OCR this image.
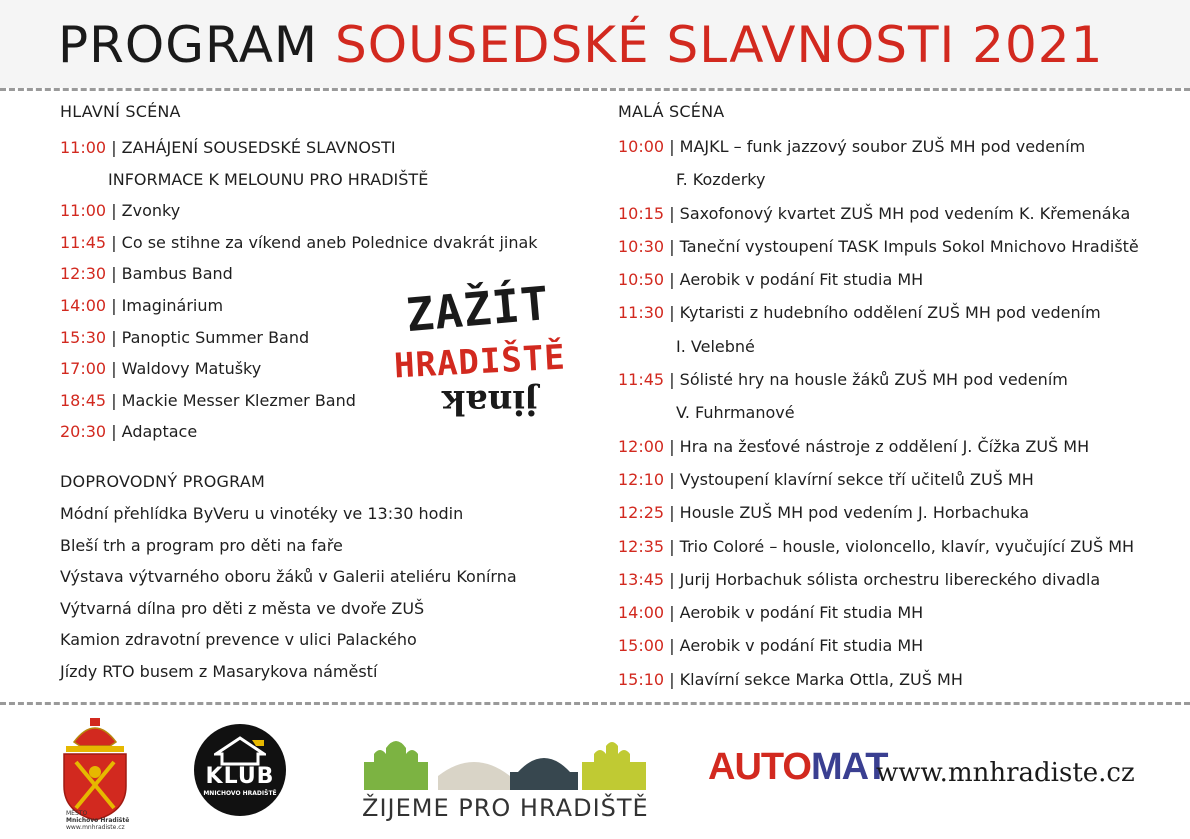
PROGRAM SOUSEDSKÉ SLAVNOSTI 2021
HLAVNÍ SCÉNA
11:00 | ZAHÁJENÍ SOUSEDSKÉ SLAVNOSTI
INFORMACE K MELOUNU PRO HRADIŠTĚ
11:00 | Zvonky
11:45 | Co se stihne za víkend aneb Polednice dvakrát jinak
12:30 | Bambus Band
14:00 | Imaginárium
15:30 | Panoptic Summer Band
17:00 | Waldovy Matušky
18:45 | Mackie Messer Klezmer Band
20:30 | Adaptace
DOPROVODNÝ PROGRAM
Módní přehlídka ByVeru u vinotéky ve 13:30 hodin
Bleší trh a program pro děti na faře
Výstava výtvarného oboru žáků v Galerii ateliéru Konírna
Výtvarná dílna pro děti z města ve dvoře ZUŠ
Kamion zdravotní prevence v ulici Palackého
Jízdy RTO busem z Masarykova náměstí
MALÁ SCÉNA
10:00 | MAJKL – funk jazzový soubor ZUŠ MH pod vedením
F. Kozderky
10:15 | Saxofonový kvartet ZUŠ MH pod vedením K. Křemenáka
10:30 | Taneční vystoupení TASK Impuls Sokol Mnichovo Hradiště
10:50 | Aerobik v podání Fit studia MH
11:30 | Kytaristi z hudebního oddělení ZUŠ MH pod vedením
I. Velebné
11:45 | Sólisté hry na housle žáků ZUŠ MH pod vedením
V. Fuhrmanové
12:00 | Hra na žesťové nástroje z oddělení J. Čížka ZUŠ MH
12:10 | Vystoupení klavírní sekce tří učitelů ZUŠ MH
12:25 | Housle ZUŠ MH pod vedením J. Horbachuka
12:35 | Trio Coloré – housle, violoncello, klavír, vyučující ZUŠ MH
13:45 | Jurij Horbachuk sólista orchestru libereckého divadla
14:00 | Aerobik v podání Fit studia MH
15:00 | Aerobik v podání Fit studia MH
15:10 | Klavírní sekce Marka Ottla, ZUŠ MH
ZAŽÍT
HRADIŠTĚ
jinak
MĚSTO
Mnichovo Hradiště
www.mnhradiste.cz
KLUB
MNICHOVO HRADIŠTĚ
ŽIJEME PRO HRADIŠTĚ
AUTOMAT
www.mnhradiste.cz
